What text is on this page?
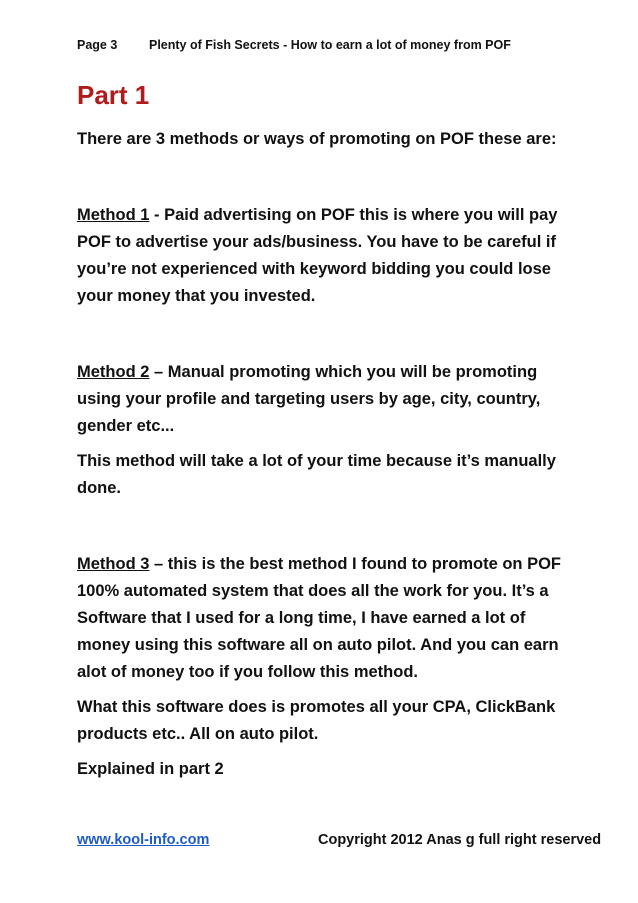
Page 3	Plenty of Fish Secrets - How to earn a lot of money from POF
Part 1

There are 3 methods or ways of promoting on POF these are:

Method 1 - Paid advertising on POF this is where you will pay POF to advertise your ads/business. You have to be careful if you’re not experienced with keyword bidding you could lose your money that you invested.

Method 2 – Manual promoting which you will be promoting using your profile and targeting users by age, city, country, gender etc...

This method will take a lot of your time because it’s manually done.

Method 3 – this is the best method I found to promote on POF 100% automated system that does all the work for you. It’s a Software that I used for a long time, I have earned a lot of money using this software all on auto pilot. And you can earn alot of money too if you follow this method.

What this software does is promotes all your CPA, ClickBank products etc.. All on auto pilot.

Explained in part 2

www.kool-info.com	Copyright 2012 Anas g full right reserved
